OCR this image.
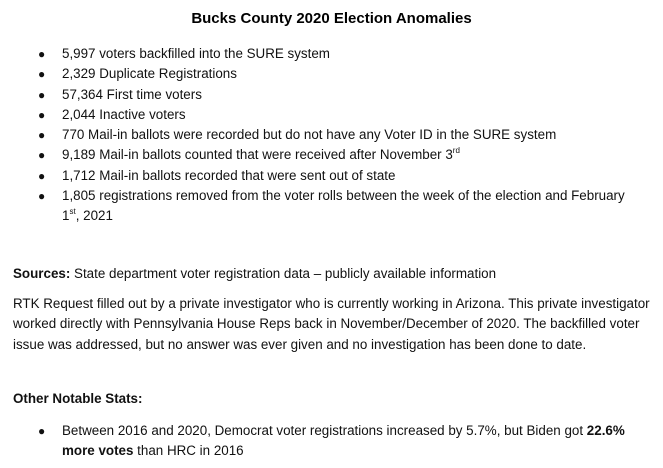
Bucks County 2020 Election Anomalies
● 5,997 voters backfilled into the SURE system
● 2,329 Duplicate Registrations
● 57,364 First time voters
● 2,044 Inactive voters
● 770 Mail-in ballots were recorded but do not have any Voter ID in the SURE system
● 9,189 Mail-in ballots counted that were received after November 3rd
● 1,712 Mail-in ballots recorded that were sent out of state
● 1,805 registrations removed from the voter rolls between the week of the election and February 1st, 2021
Sources: State department voter registration data – publicly available information
RTK Request filled out by a private investigator who is currently working in Arizona. This private investigator worked directly with Pennsylvania House Reps back in November/December of 2020. The backfilled voter issue was addressed, but no answer was ever given and no investigation has been done to date.
Other Notable Stats:
● Between 2016 and 2020, Democrat voter registrations increased by 5.7%, but Biden got 22.6% more votes than HRC in 2016
